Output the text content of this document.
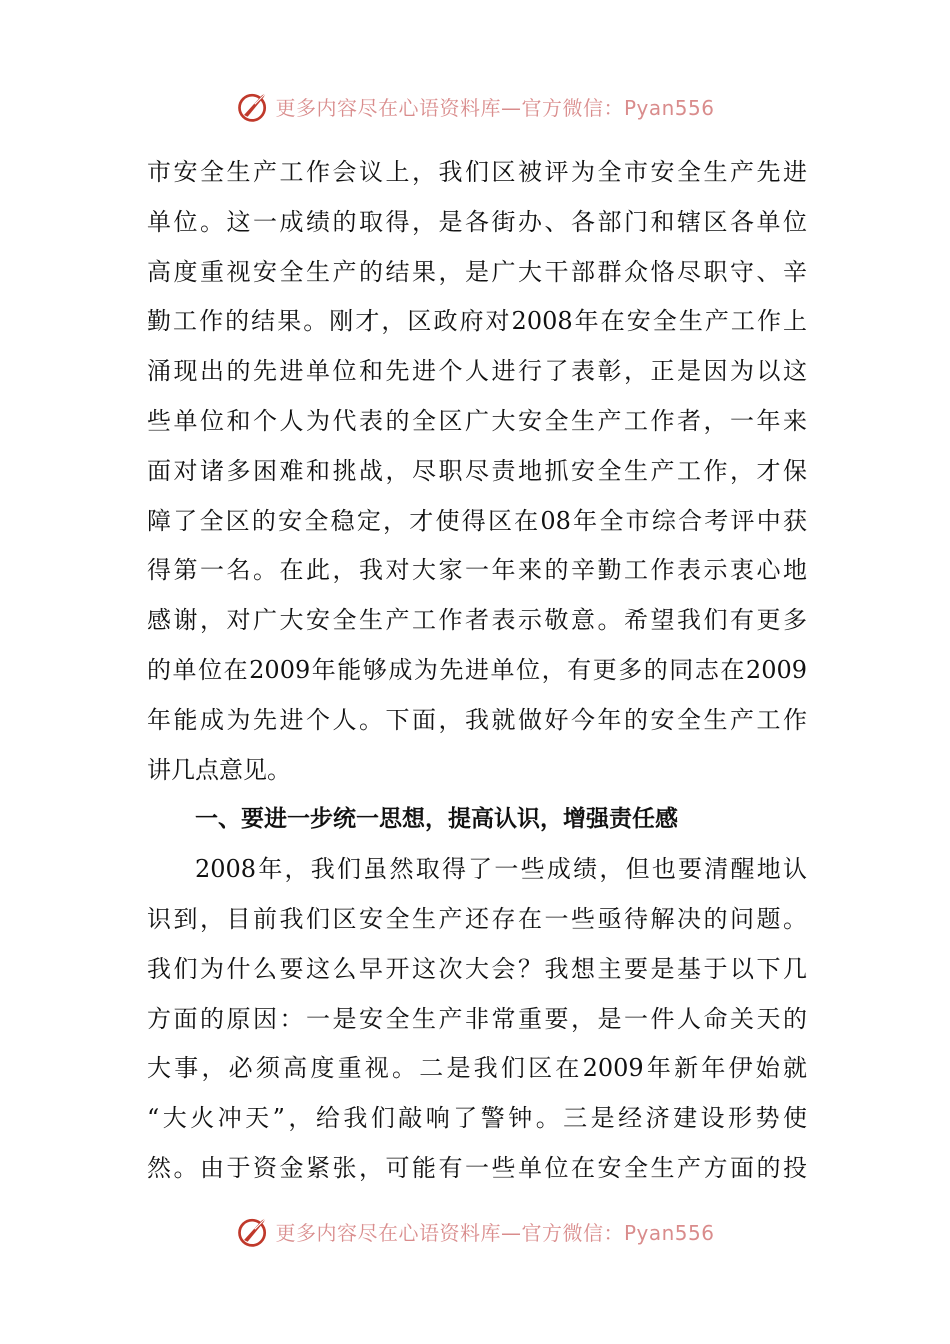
更多内容尽在心语资料库—官方微信：Pyan556
市安全生产工作会议上，我们区被评为全市安全生产先进
单位。这一成绩的取得，是各街办、各部门和辖区各单位
高度重视安全生产的结果，是广大干部群众恪尽职守、辛
勤工作的结果。刚才，区政府对2008年在安全生产工作上
涌现出的先进单位和先进个人进行了表彰，正是因为以这
些单位和个人为代表的全区广大安全生产工作者，一年来
面对诸多困难和挑战，尽职尽责地抓安全生产工作，才保
障了全区的安全稳定，才使得区在08年全市综合考评中获
得第一名。在此，我对大家一年来的辛勤工作表示衷心地
感谢，对广大安全生产工作者表示敬意。希望我们有更多
的单位在2009年能够成为先进单位，有更多的同志在2009
年能成为先进个人。下面，我就做好今年的安全生产工作
讲几点意见。
一、要进一步统一思想，提高认识，增强责任感
2008年，我们虽然取得了一些成绩，但也要清醒地认
识到，目前我们区安全生产还存在一些亟待解决的问题。
我们为什么要这么早开这次大会？我想主要是基于以下几
方面的原因：一是安全生产非常重要，是一件人命关天的
大事，必须高度重视。二是我们区在2009年新年伊始就
“大火冲天”，给我们敲响了警钟。三是经济建设形势使
然。由于资金紧张，可能有一些单位在安全生产方面的投
更多内容尽在心语资料库—官方微信：Pyan556
